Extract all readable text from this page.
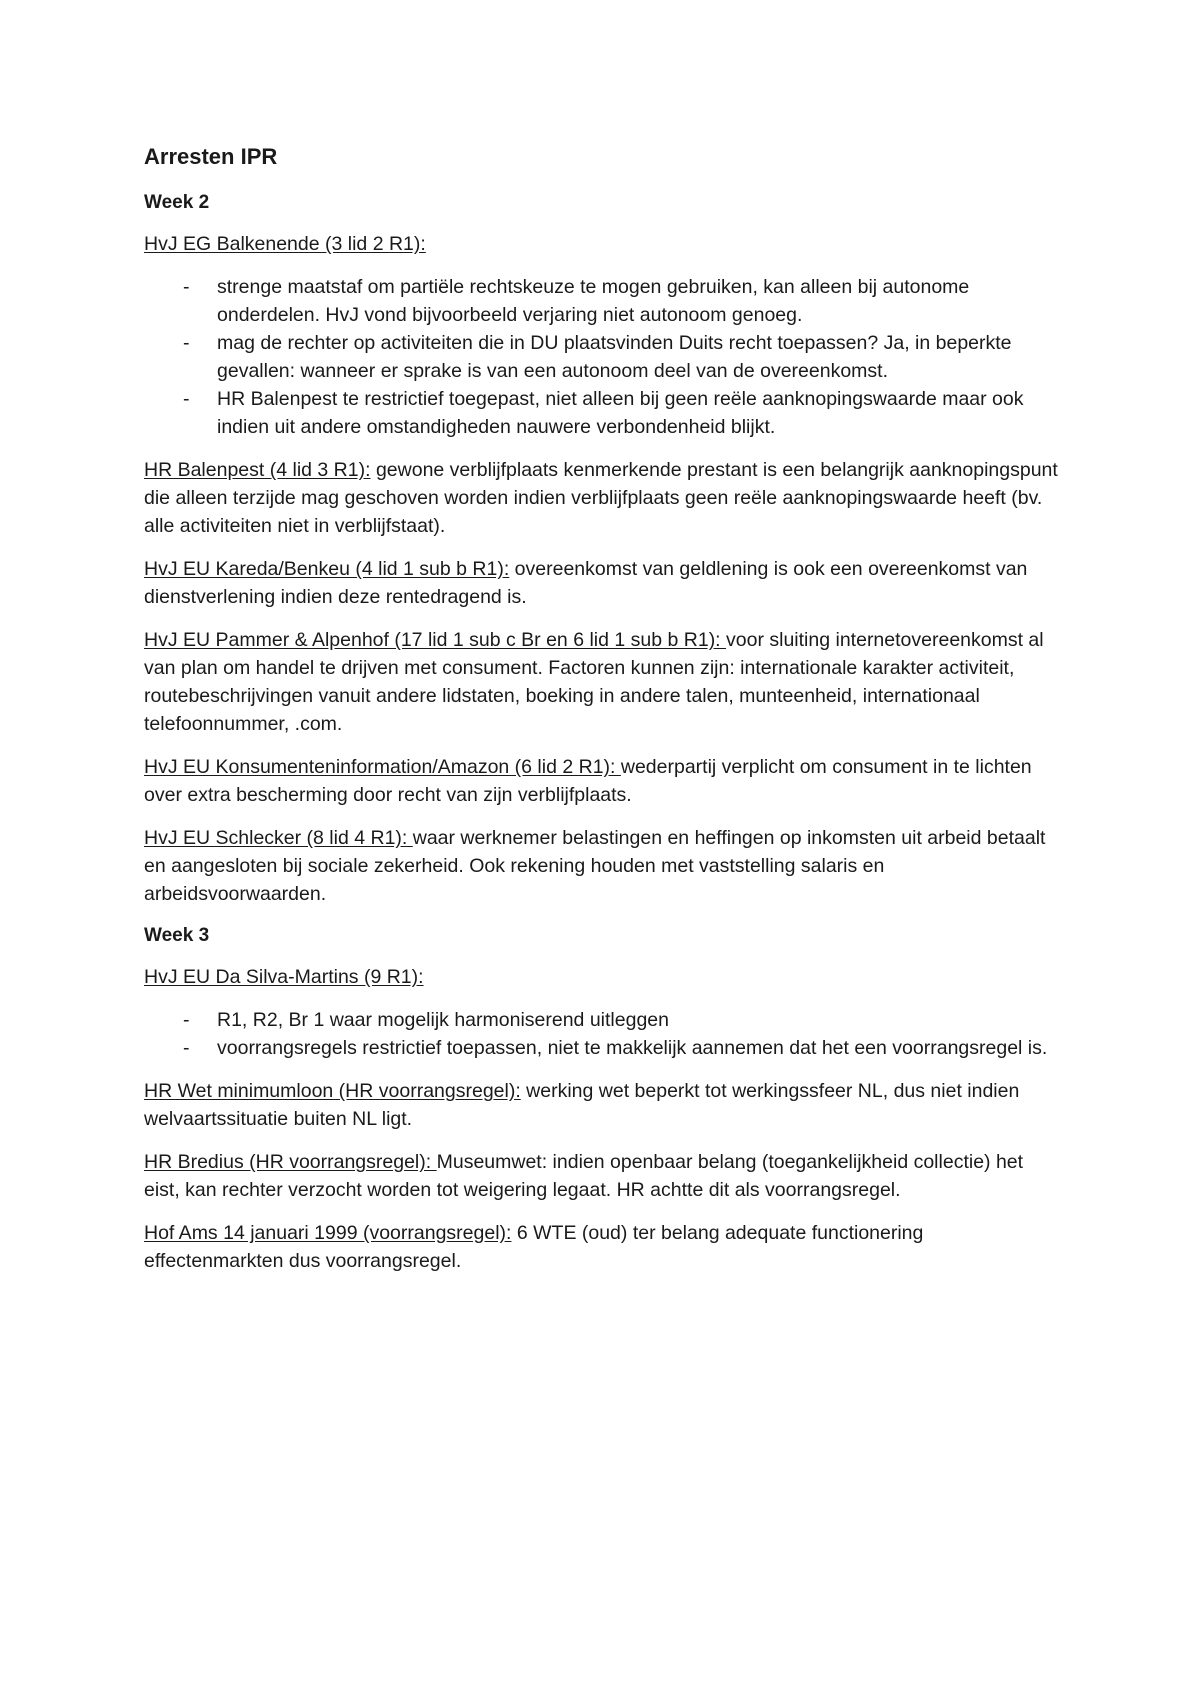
Arresten IPR
Week 2

HvJ EG Balkenende (3 lid 2 R1):

- strenge maatstaf om partiële rechtskeuze te mogen gebruiken, kan alleen bij autonome onderdelen. HvJ vond bijvoorbeeld verjaring niet autonoom genoeg.
- mag de rechter op activiteiten die in DU plaatsvinden Duits recht toepassen? Ja, in beperkte gevallen: wanneer er sprake is van een autonoom deel van de overeenkomst.
- HR Balenpest te restrictief toegepast, niet alleen bij geen reële aanknopingswaarde maar ook indien uit andere omstandigheden nauwere verbondenheid blijkt.

HR Balenpest (4 lid 3 R1): gewone verblijfplaats kenmerkende prestant is een belangrijk aanknopingspunt die alleen terzijde mag geschoven worden indien verblijfplaats geen reële aanknopingswaarde heeft (bv. alle activiteiten niet in verblijfstaat).

HvJ EU Kareda/Benkeu (4 lid 1 sub b R1): overeenkomst van geldlening is ook een overeenkomst van dienstverlening indien deze rentedragend is.

HvJ EU Pammer & Alpenhof (17 lid 1 sub c Br en 6 lid 1 sub b R1): voor sluiting internetovereenkomst al van plan om handel te drijven met consument. Factoren kunnen zijn: internationale karakter activiteit, routebeschrijvingen vanuit andere lidstaten, boeking in andere talen, munteenheid, internationaal telefoonnummer, .com.

HvJ EU Konsumenteninformation/Amazon (6 lid 2 R1): wederpartij verplicht om consument in te lichten over extra bescherming door recht van zijn verblijfplaats.

HvJ EU Schlecker (8 lid 4 R1): waar werknemer belastingen en heffingen op inkomsten uit arbeid betaalt en aangesloten bij sociale zekerheid. Ook rekening houden met vaststelling salaris en arbeidsvoorwaarden.

Week 3

HvJ EU Da Silva-Martins (9 R1):

- R1, R2, Br 1 waar mogelijk harmoniserend uitleggen
- voorrangsregels restrictief toepassen, niet te makkelijk aannemen dat het een voorrangsregel is.

HR Wet minimumloon (HR voorrangsregel): werking wet beperkt tot werkingssfeer NL, dus niet indien welvaartssituatie buiten NL ligt.

HR Bredius (HR voorrangsregel): Museumwet: indien openbaar belang (toegankelijkheid collectie) het eist, kan rechter verzocht worden tot weigering legaat. HR achtte dit als voorrangsregel.

Hof Ams 14 januari 1999 (voorrangsregel): 6 WTE (oud) ter belang adequate functionering effectenmarkten dus voorrangsregel.
